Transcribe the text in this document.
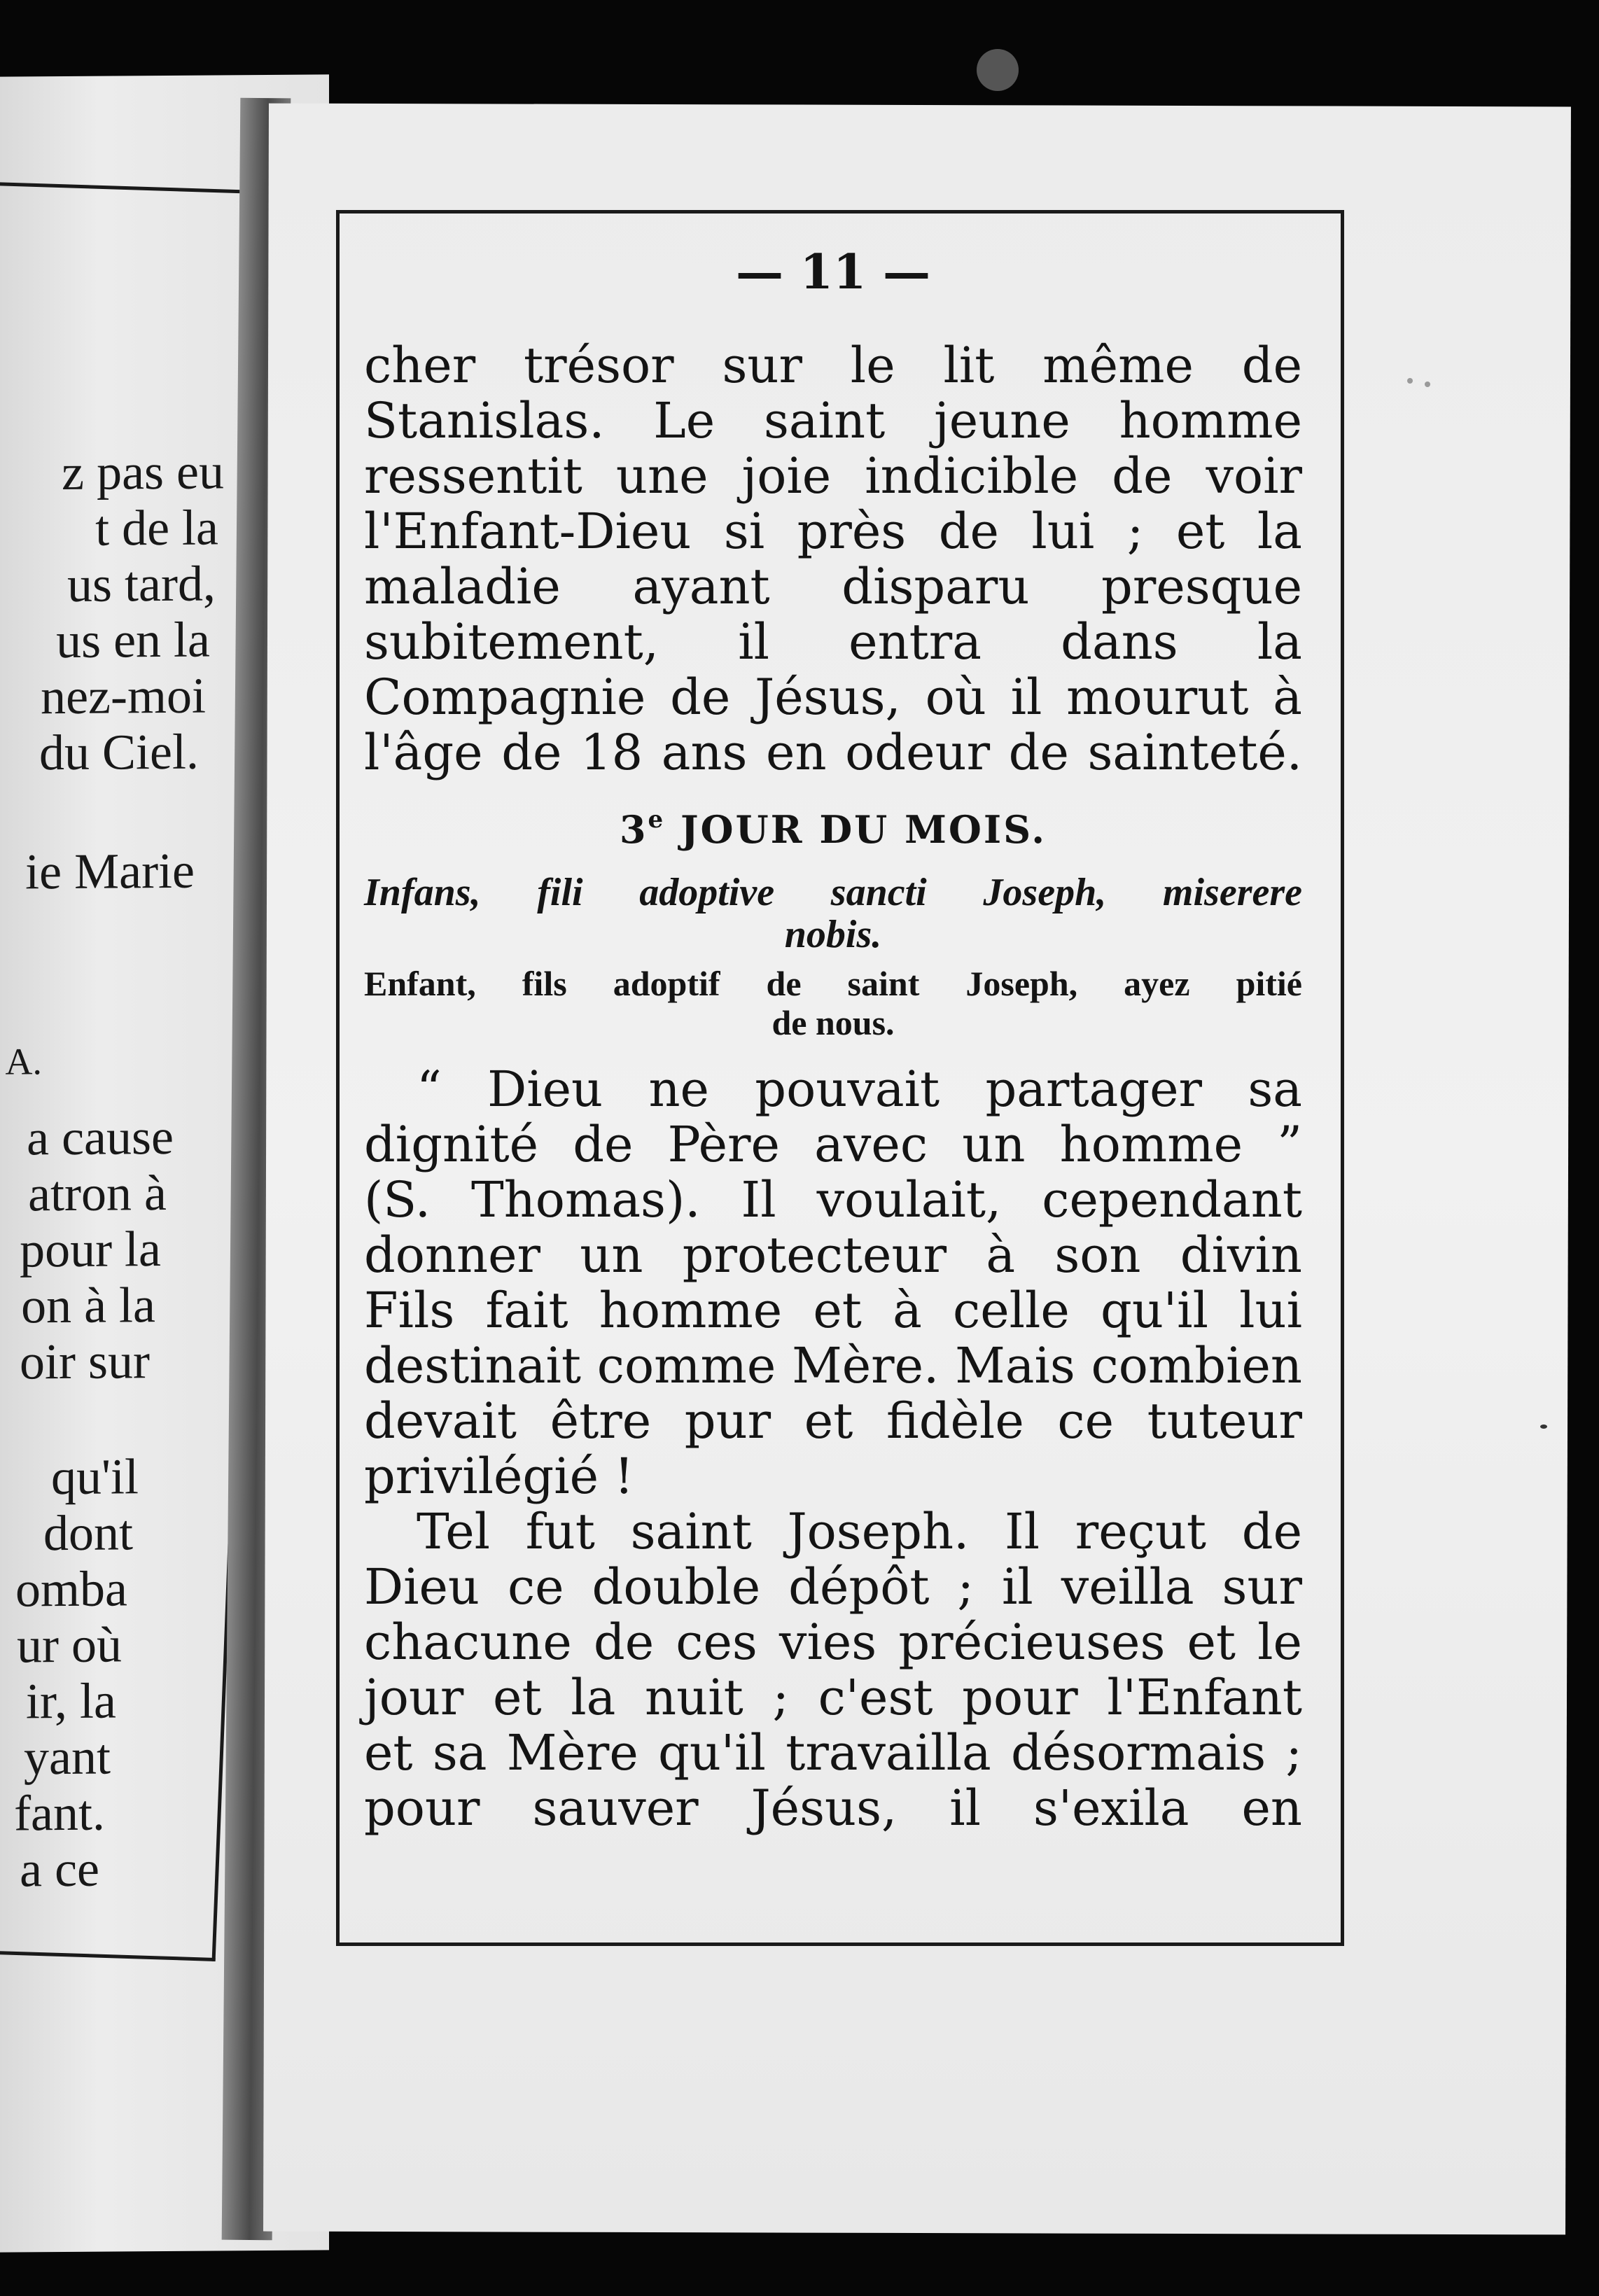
z pas eu
t de la
us tard,
us en la
nez-moi
du Ciel.
ie Marie
A.
a cause
atron à
pour la
on à la
oir sur
qu'il
dont
omba
ur où
ir, la
yant
fant.
a ce
— 11 —
cher trésor sur le lit même de
Stanislas. Le saint jeune homme
ressentit une joie indicible de voir
l'Enfant-Dieu si près de lui ; et la
maladie ayant disparu presque
subitement, il entra dans la
Compagnie de Jésus, où il mourut à
l'âge de 18 ans en odeur de sainteté.
3e JOUR DU MOIS.
Infans, fili adoptive sancti Joseph, miserere
nobis.
Enfant, fils adoptif de saint Joseph, ayez pitié
de nous.
“ Dieu ne pouvait partager sa
dignité de Père avec un homme ”
(S. Thomas). Il voulait, cependant
donner un protecteur à son divin
Fils fait homme et à celle qu'il lui
destinait comme Mère. Mais combien
devait être pur et fidèle ce tuteur
privilégié !
Tel fut saint Joseph. Il reçut de
Dieu ce double dépôt ; il veilla sur
chacune de ces vies précieuses et le
jour et la nuit ; c'est pour l'Enfant
et sa Mère qu'il travailla désormais ;
pour sauver Jésus, il s'exila en
